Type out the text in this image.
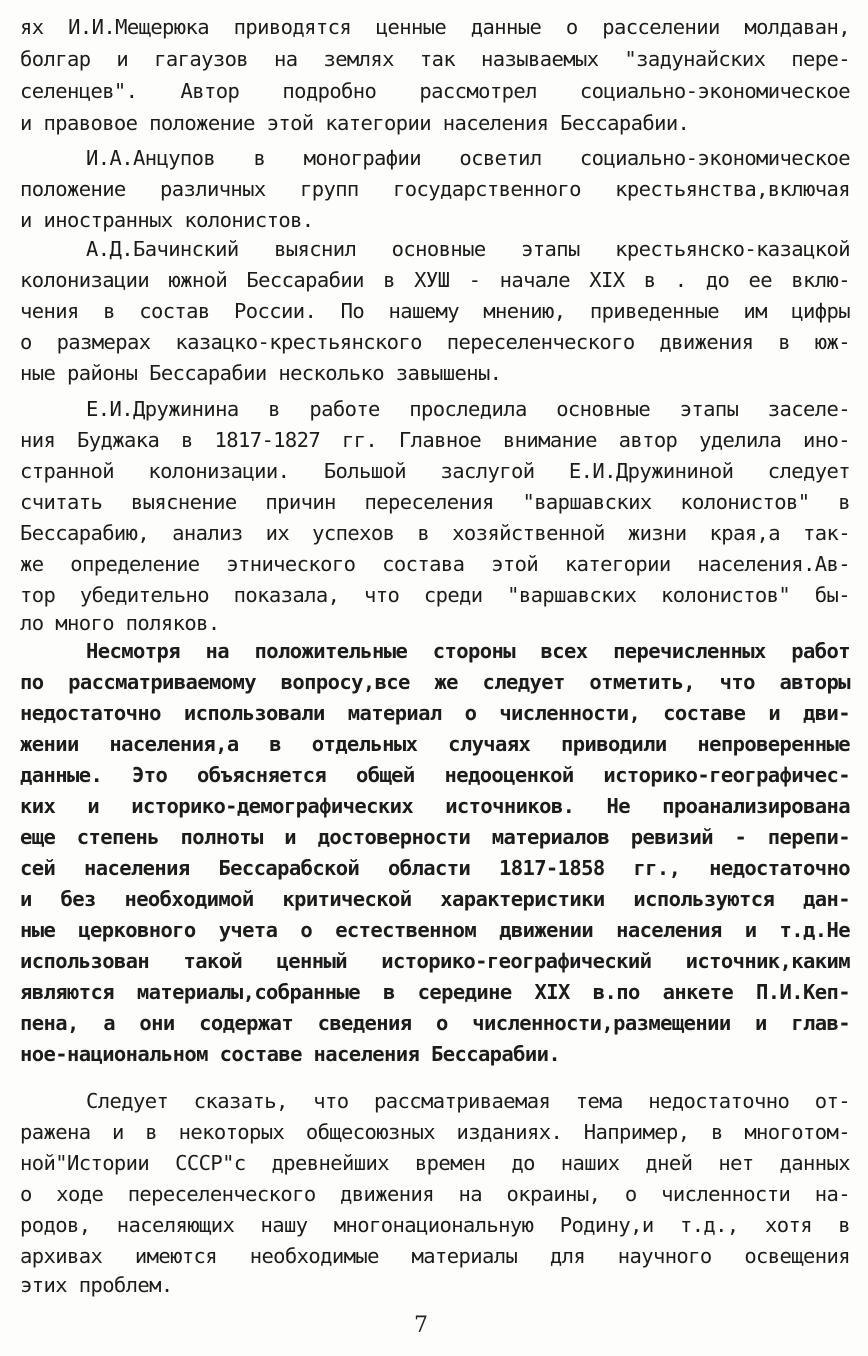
ях И.И.Мещерюка приводятся ценные данные о расселении молдаван,
болгар и гагаузов на землях так называемых "задунайских пере-
селенцев". Автор подробно рассмотрел социально-экономическое
и правовое положение этой категории населения Бессарабии.
И.А.Анцупов в монографии осветил социально-экономическое
положение различных групп государственного крестьянства,включая
и иностранных колонистов.
А.Д.Бачинский выяснил основные этапы крестьянско-казацкой
колонизации южной Бессарабии в ХУШ - начале XIX в . до ее вклю-
чения в состав России. По нашему мнению, приведенные им цифры
о размерах казацко-крестьянского переселенческого движения в юж-
ные районы Бессарабии несколько завышены.
Е.И.Дружинина в работе проследила основные этапы заселе-
ния Буджака в 1817-1827 гг. Главное внимание автор уделила ино-
странной колонизации. Большой заслугой Е.И.Дружининой следует
считать выяснение причин переселения "варшавских колонистов" в
Бессарабию, анализ их успехов в хозяйственной жизни края,а так-
же определение этнического состава этой категории населения.Ав-
тор убедительно показала, что среди "варшавских колонистов" бы-
ло много поляков.
Несмотря на положительные стороны всех перечисленных работ
по рассматриваемому вопросу,все же следует отметить, что авторы
недостаточно использовали материал о численности, составе и дви-
жении населения,а в отдельных случаях приводили непроверенные
данные. Это объясняется общей недооценкой историко-географичес-
ких и историко-демографических источников. Не проанализирована
еще степень полноты и достоверности материалов ревизий - перепи-
сей населения Бессарабской области 1817-1858 гг., недостаточно
и без необходимой критической характеристики используются дан-
ные церковного учета о естественном движении населения и т.д.Не
использован такой ценный историко-географический источник,каким
являются материалы,собранные в середине XIX в.по анкете П.И.Кеп-
пена, а они содержат сведения о численности,размещении и глав-
ное-национальном составе населения Бессарабии.
Следует сказать, что рассматриваемая тема недостаточно от-
ражена и в некоторых общесоюзных изданиях. Например, в многотом-
ной"Истории СССР"с древнейших времен до наших дней нет данных
о ходе переселенческого движения на окраины, о численности на-
родов, населяющих нашу многонациональную Родину,и т.д., хотя в
архивах имеются необходимые материалы для научного освещения
этих проблем.
7
